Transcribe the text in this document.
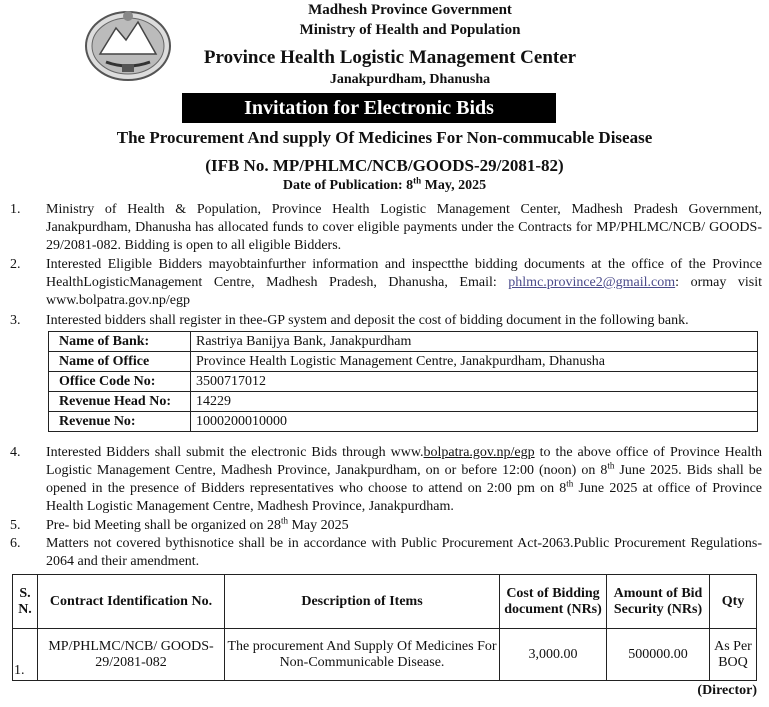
Madhesh Province Government
Ministry of Health and Population
Province Health Logistic Management Center
Janakpurdham, Dhanusha
Invitation for Electronic Bids
The Procurement And supply Of Medicines For Non-commucable Disease
(IFB No. MP/PHLMC/NCB/GOODS-29/2081-82)
Date of Publication: 8th May, 2025
1.	Ministry of Health & Population, Province Health Logistic Management Center, Madhesh Pradesh Government, Janakpurdham, Dhanusha has allocated funds to cover eligible payments under the Contracts for MP/PHLMC/NCB/ GOODS-29/2081-082. Bidding is open to all eligible Bidders.
2.	Interested Eligible Bidders mayobtainfurther information and inspectthe bidding documents at the office of the Province HealthLogisticManagement Centre, Madhesh Pradesh, Dhanusha, Email: phlmc.province2@gmail.com: ormay visit www.bolpatra.gov.np/egp
3.	Interested bidders shall register in thee-GP system and deposit the cost of bidding document in the following bank.
Name of Bank:	Rastriya Banijya Bank, Janakpurdham
Name of Office	Province Health Logistic Management Centre, Janakpurdham, Dhanusha
Office Code No:	3500717012
Revenue Head No:	14229
Revenue No:	1000200010000
4.	Interested Bidders shall submit the electronic Bids through www.bolpatra.gov.np/egp to the above office of Province Health Logistic Management Centre, Madhesh Province, Janakpurdham, on or before 12:00 (noon) on 8th June 2025. Bids shall be opened in the presence of Bidders representatives who choose to attend on 2:00 pm on 8th June 2025 at office of Province Health Logistic Management Centre, Madhesh Province, Janakpurdham.
5.	Pre- bid Meeting shall be organized on 28th May 2025
6.	Matters not covered bythisnotice shall be in accordance with Public Procurement Act-2063.Public Procurement Regulations-2064 and their amendment.
S.
N.	Contract Identification No.	Description of Items	Cost of Bidding document (NRs)	Amount of Bid Security (NRs)	Qty
1.	MP/PHLMC/NCB/ GOODS-29/2081-082	The procurement And Supply Of Medicines For Non-Communicable Disease.	3,000.00	500000.00	As Per BOQ
(Director)
